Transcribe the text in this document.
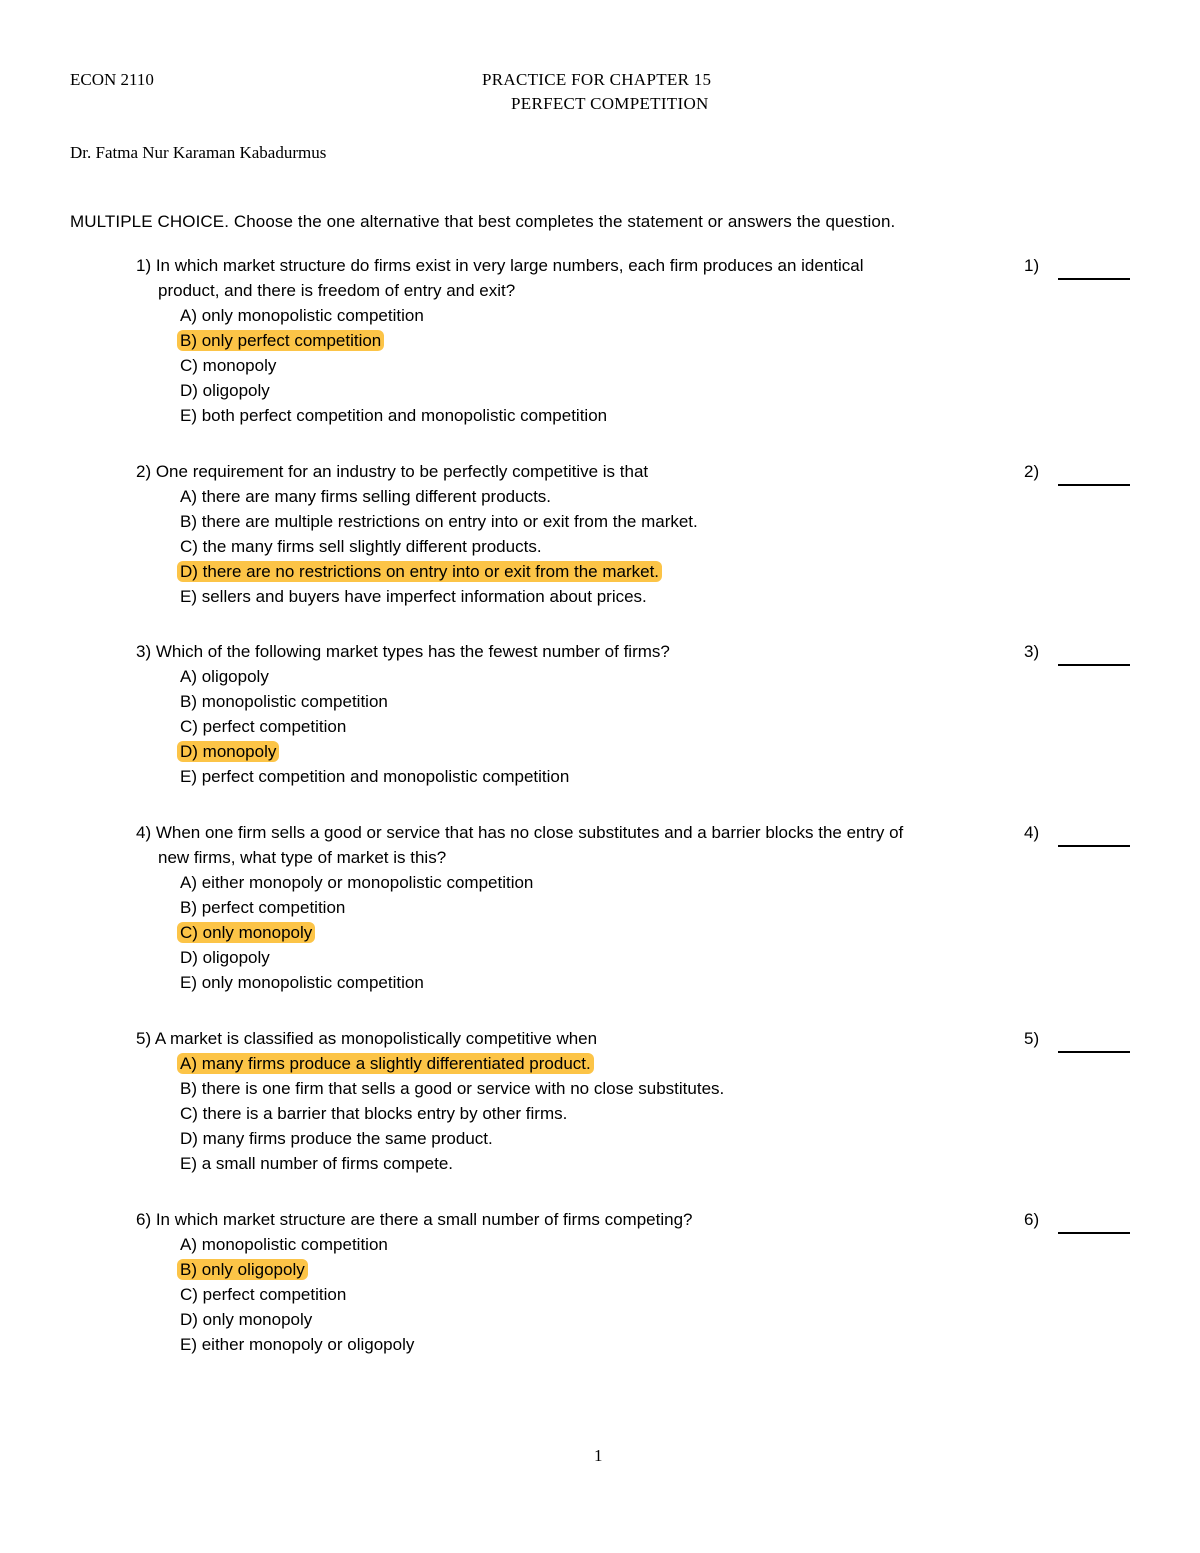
ECON 2110	PRACTICE FOR CHAPTER 15
PERFECT COMPETITION
Dr. Fatma Nur Karaman Kabadurmus
MULTIPLE CHOICE. Choose the one alternative that best completes the statement or answers the question.
1) In which market structure do firms exist in very large numbers, each firm produces an identical
product, and there is freedom of entry and exit?
A) only monopolistic competition
B) only perfect competition
C) monopoly
D) oligopoly
E) both perfect competition and monopolistic competition
1)
2) One requirement for an industry to be perfectly competitive is that
A) there are many firms selling different products.
B) there are multiple restrictions on entry into or exit from the market.
C) the many firms sell slightly different products.
D) there are no restrictions on entry into or exit from the market.
E) sellers and buyers have imperfect information about prices.
2)
3) Which of the following market types has the fewest number of firms?
A) oligopoly
B) monopolistic competition
C) perfect competition
D) monopoly
E) perfect competition and monopolistic competition
3)
4) When one firm sells a good or service that has no close substitutes and a barrier blocks the entry of
new firms, what type of market is this?
A) either monopoly or monopolistic competition
B) perfect competition
C) only monopoly
D) oligopoly
E) only monopolistic competition
4)
5) A market is classified as monopolistically competitive when
A) many firms produce a slightly differentiated product.
B) there is one firm that sells a good or service with no close substitutes.
C) there is a barrier that blocks entry by other firms.
D) many firms produce the same product.
E) a small number of firms compete.
5)
6) In which market structure are there a small number of firms competing?
A) monopolistic competition
B) only oligopoly
C) perfect competition
D) only monopoly
E) either monopoly or oligopoly
6)
1
